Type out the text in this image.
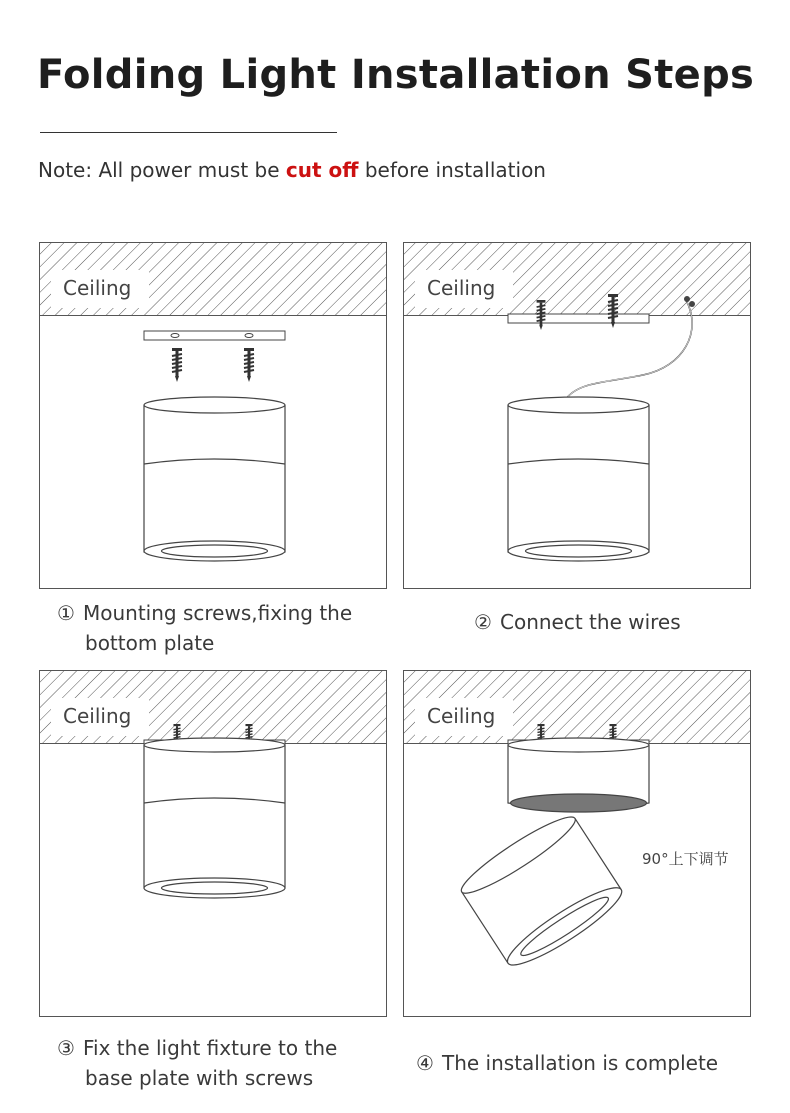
Folding Light Installation Steps
Note: All power must be cut off before installation
Ceiling	Ceiling
Ceiling	Ceiling
90°上下调节
① Mounting screws,fixing the
bottom plate
② Connect the wires
③ Fix the light fixture to the
base plate with screws
④ The installation is complete
